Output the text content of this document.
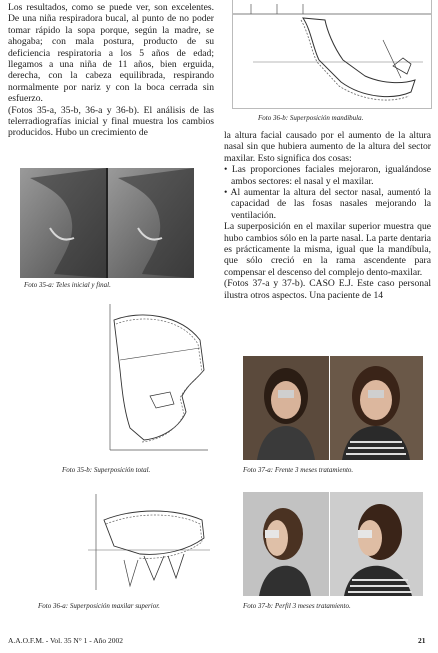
Foto 36-b: Superposición mandíbula.

Los resultados, como se puede ver, son excelentes. De una niña respiradora bucal, al punto de no poder tomar rápido la sopa porque, según la madre, se ahogaba; con mala postura, producto de su deficiencia respiratoria a los 5 años de edad; llegamos a una niña de 11 años, bien erguida, derecha, con la cabeza equilibrada, respirando normalmente por nariz y con la boca cerrada sin esfuerzo.

(Fotos 35-a, 35-b, 36-a y 36-b). El análisis de las telerradiografías inicial y final muestra los cambios producidos. Hubo un crecimiento de	la altura facial causado por el aumento de la altura nasal sin que hubiera aumento de la altura del sector maxilar. Esto significa dos cosas:

• Las proporciones faciales mejoraron, igualándose ambos sectores: el nasal y el maxilar.

• Al aumentar la altura del sector nasal, aumentó la capacidad de las fosas nasales mejorando la ventilación.

La superposición en el maxilar superior muestra que hubo cambios sólo en la parte nasal. La parte dentaria es prácticamente la misma, igual que la mandíbula, que sólo creció en la rama ascendente para compensar el descenso del complejo dento-maxilar.

(Fotos 37-a y 37-b). CASO E.J. Este caso personal ilustra otros aspectos. Una paciente de 14

Foto 35-a: Teles inicial y final.
Foto 35-b: Superposición total.	Foto 37-a: Frente 3 meses tratamiento.
Foto 36-a: Superposición maxilar superior.	Foto 37-b: Perfil 3 meses tratamiento.
A.A.O.F.M. - Vol. 35 N° 1 - Año 2002	21
